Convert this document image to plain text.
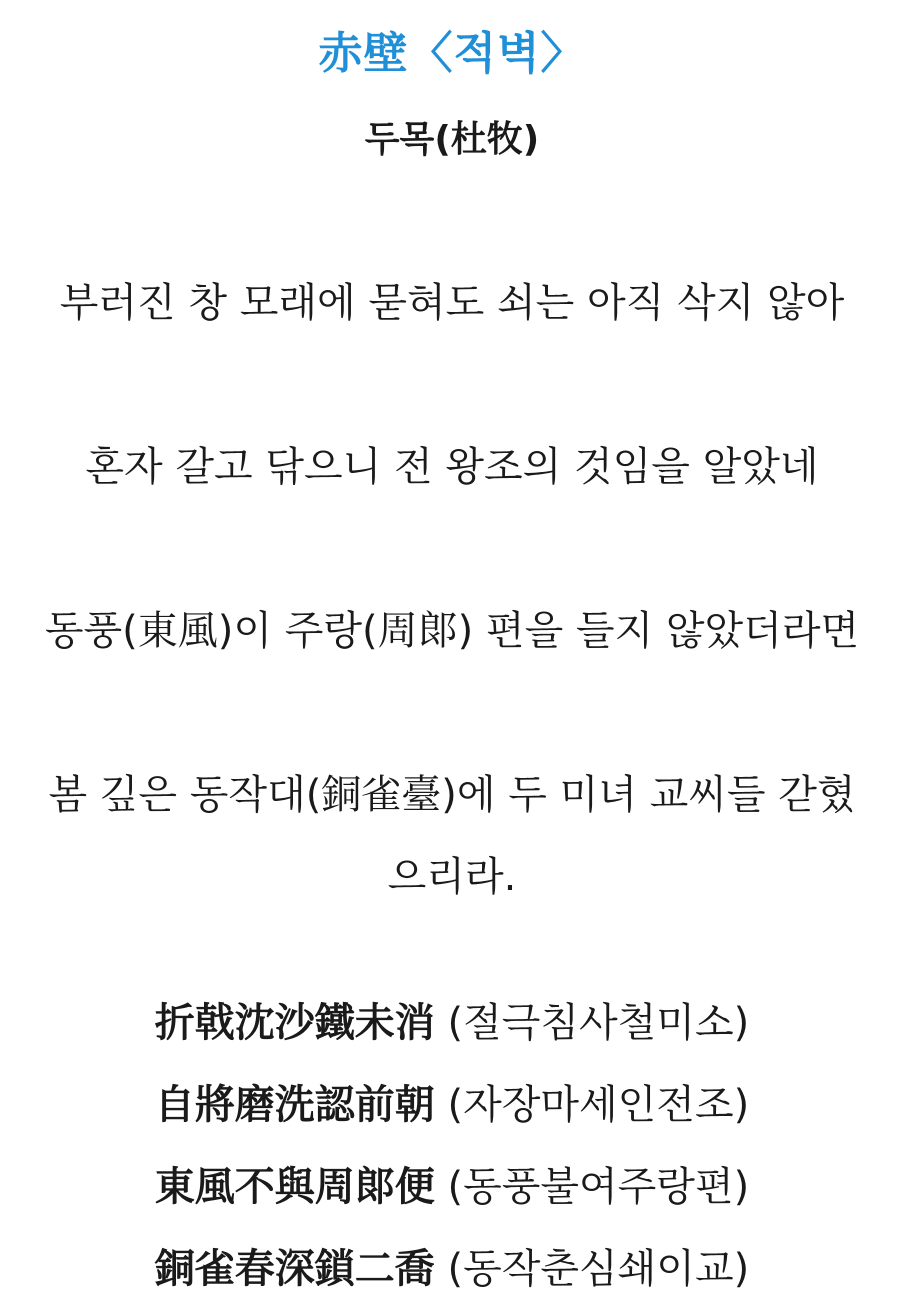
赤壁〈적벽〉
두목(杜牧)
부러진 창 모래에 묻혀도 쇠는 아직 삭지 않아
혼자 갈고 닦으니 전 왕조의 것임을 알았네
동풍(東風)이 주랑(周郞) 편을 들지 않았더라면
봄 깊은 동작대(銅雀臺)에 두 미녀 교씨들 갇혔으리라.
折戟沈沙鐵未消 (절극침사철미소)
自將磨洗認前朝 (자장마세인전조)
東風不與周郞便 (동풍불여주랑편)
銅雀春深鎖二喬 (동작춘심쇄이교)
